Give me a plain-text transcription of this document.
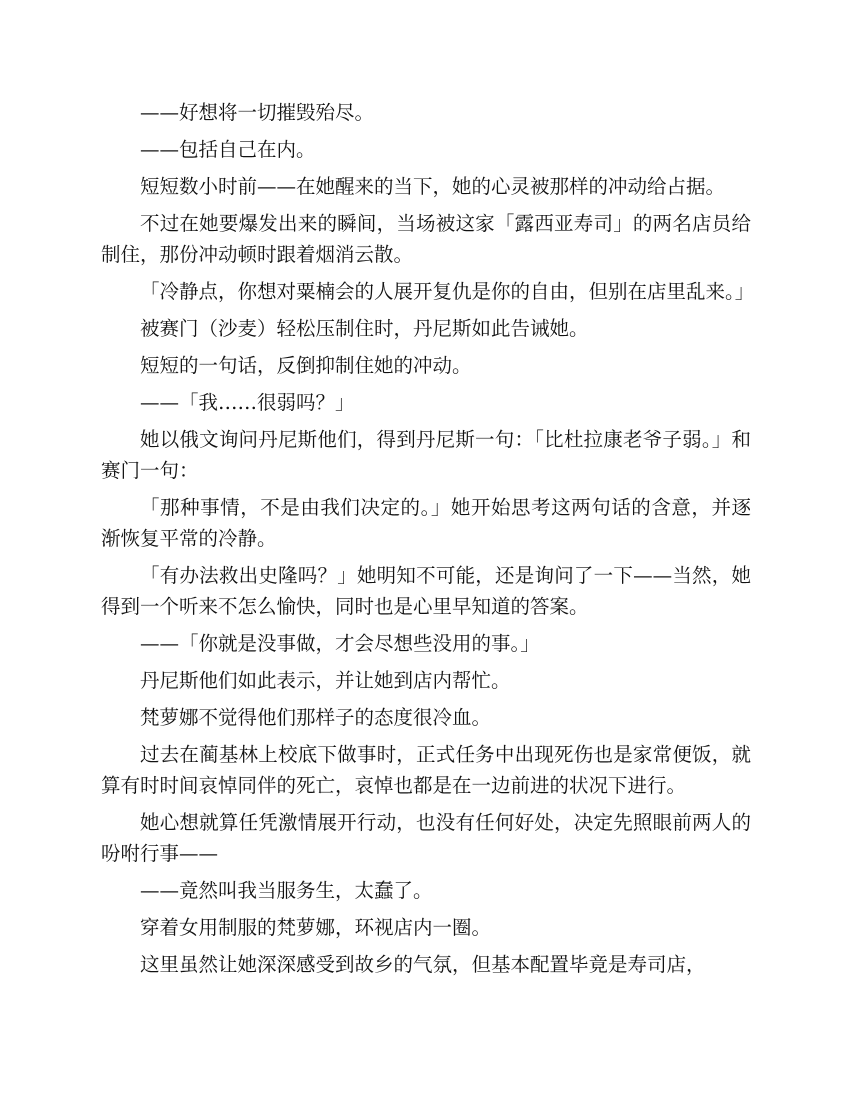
——好想将一切摧毁殆尽。

——包括自己在内。

短短数小时前——在她醒来的当下，她的心灵被那样的冲动给占据。

不过在她要爆发出来的瞬间，当场被这家「露西亚寿司」的两名店员给制住，那份冲动顿时跟着烟消云散。

「冷静点，你想对粟楠会的人展开复仇是你的自由，但别在店里乱来。」

被赛门（沙麦）轻松压制住时，丹尼斯如此告诫她。

短短的一句话，反倒抑制住她的冲动。

——「我……很弱吗？」

她以俄文询问丹尼斯他们，得到丹尼斯一句：「比杜拉康老爷子弱。」和赛门一句：

「那种事情，不是由我们决定的。」她开始思考这两句话的含意，并逐渐恢复平常的冷静。

「有办法救出史隆吗？」她明知不可能，还是询问了一下——当然，她得到一个听来不怎么愉快，同时也是心里早知道的答案。

——「你就是没事做，才会尽想些没用的事。」

丹尼斯他们如此表示，并让她到店内帮忙。

梵萝娜不觉得他们那样子的态度很冷血。

过去在蔺基林上校底下做事时，正式任务中出现死伤也是家常便饭，就算有时时间哀悼同伴的死亡，哀悼也都是在一边前进的状况下进行。

她心想就算任凭激情展开行动，也没有任何好处，决定先照眼前两人的吩咐行事——

——竟然叫我当服务生，太蠢了。

穿着女用制服的梵萝娜，环视店内一圈。

这里虽然让她深深感受到故乡的气氛，但基本配置毕竟是寿司店，
